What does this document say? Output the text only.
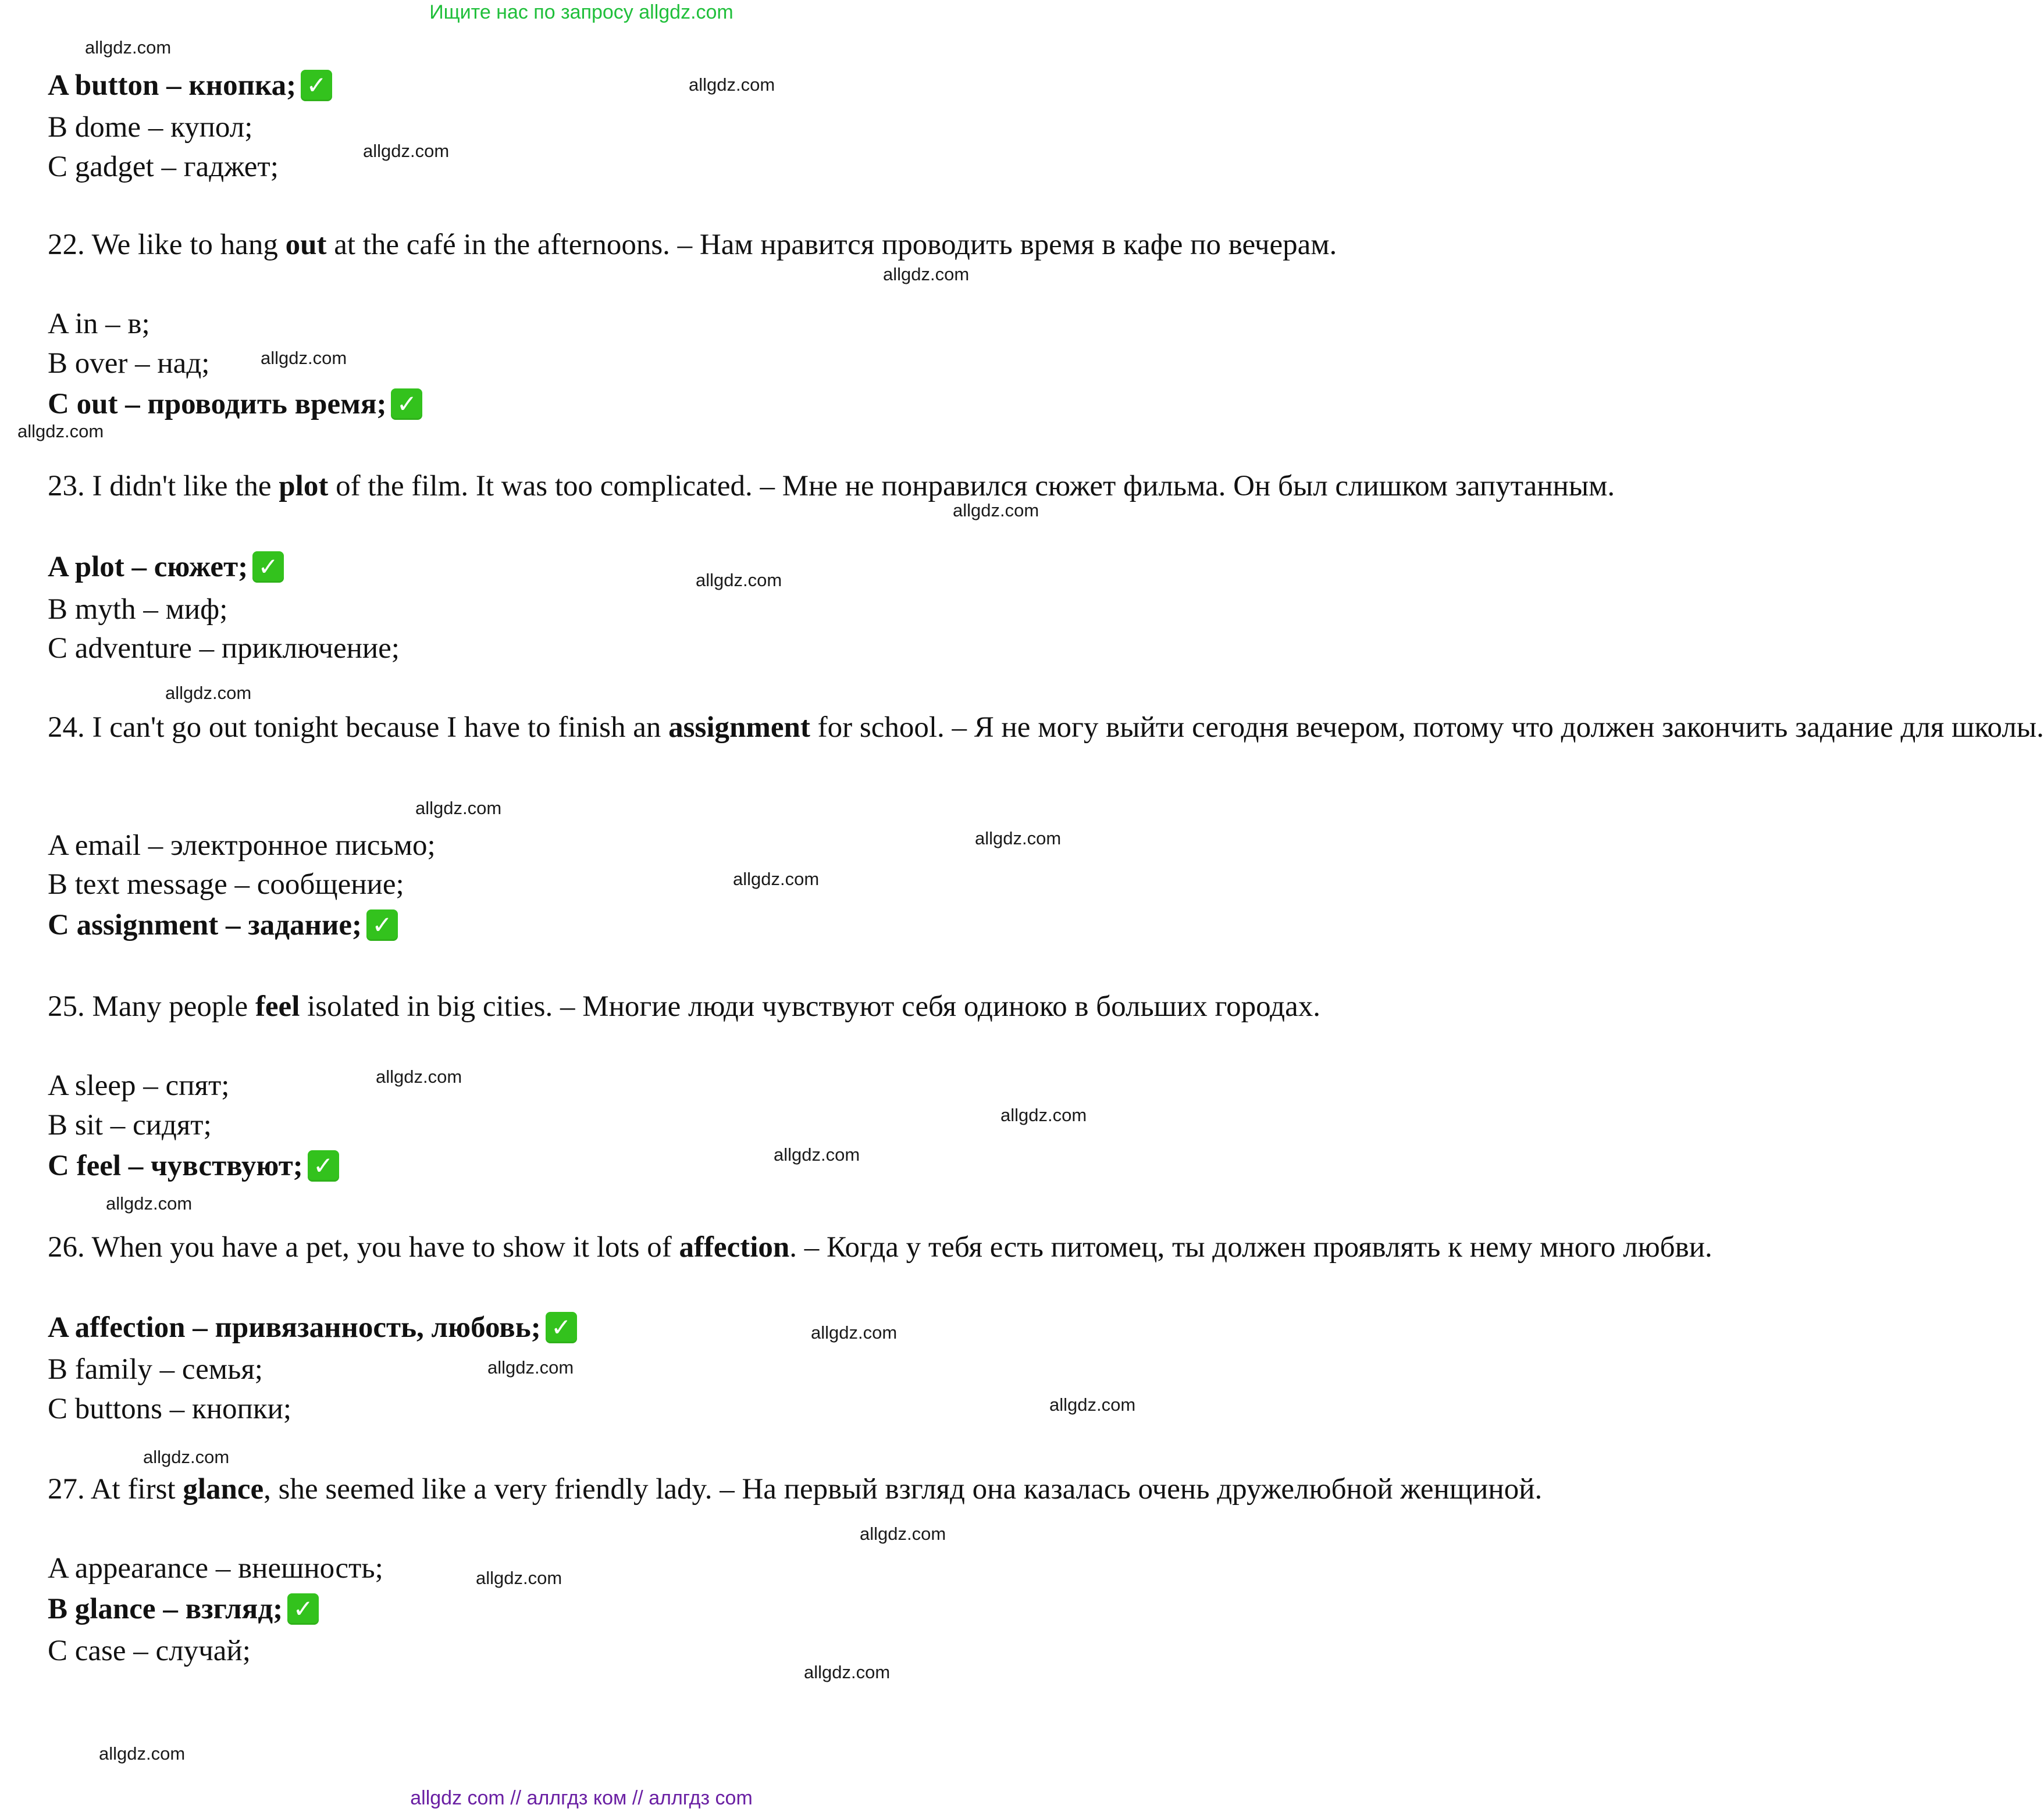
Ищите нас по запросу allgdz.com
A button – кнопка; ✓
B dome – купол;
C gadget – гаджет;
22. We like to hang out at the café in the afternoons. – Нам нравится проводить время в кафе по вечерам.
A in – в;
B over – над;
C out – проводить время; ✓
23. I didn't like the plot of the film. It was too complicated. – Мне не понравился сюжет фильма. Он был слишком запутанным.
A plot – сюжет; ✓
B myth – миф;
C adventure – приключение;
24. I can't go out tonight because I have to finish an assignment for school. – Я не могу выйти сегодня вечером, потому что должен закончить задание для школы.
A email – электронное письмо;
B text message – сообщение;
C assignment – задание; ✓
25. Many people feel isolated in big cities. – Многие люди чувствуют себя одиноко в больших городах.
A sleep – спят;
B sit – сидят;
C feel – чувствуют; ✓
26. When you have a pet, you have to show it lots of affection. – Когда у тебя есть питомец, ты должен проявлять к нему много любви.
A affection – привязанность, любовь; ✓
B family – семья;
C buttons – кнопки;
27. At first glance, she seemed like a very friendly lady. – На первый взгляд она казалась очень дружелюбной женщиной.
A appearance – внешность;
B glance – взгляд; ✓
C case – случай;
allgdz.com
allgdz.com
allgdz.com
allgdz.com
allgdz.com
allgdz.com
allgdz.com
allgdz.com
allgdz.com
allgdz.com
allgdz.com
allgdz.com
allgdz.com
allgdz.com
allgdz.com
allgdz.com
allgdz.com
allgdz.com
allgdz.com
allgdz.com
allgdz.com
allgdz.com
allgdz.com
allgdz.com
allgdz com // аллгдз ком // аллгдз com
